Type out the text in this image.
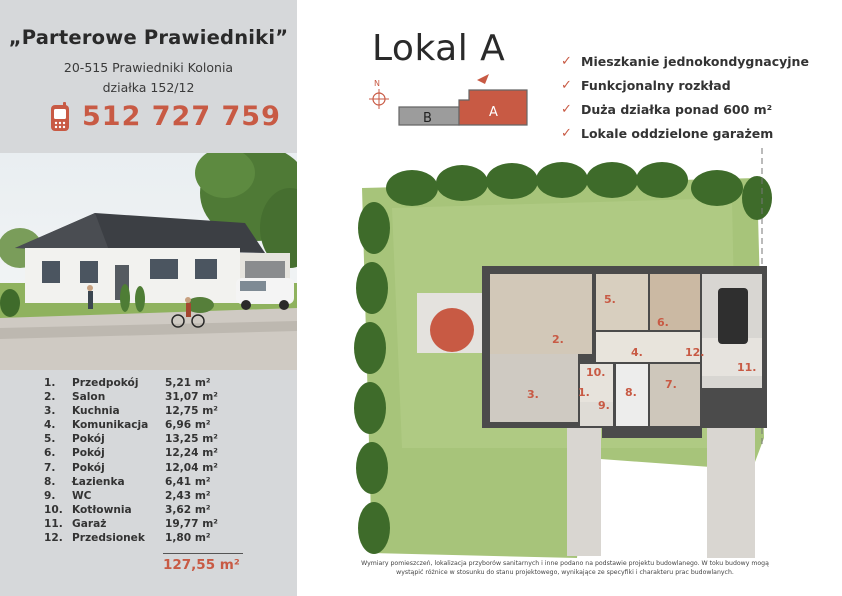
„Parterowe Prawiedniki”
20-515 Prawiedniki Kolonia
działka 152/12
512 727 759
1.	Przedpokój	5,21 m²
2.	Salon	31,07 m²
3.	Kuchnia	12,75 m²
4.	Komunikacja	6,96 m²
5.	Pokój	13,25 m²
6.	Pokój	12,24 m²
7.	Pokój	12,04 m²
8.	Łazienka	6,41 m²
9.	WC	2,43 m²
10. Kotłownia	3,62 m²
11. Garaż	19,77 m²
12. Przedsionek	1,80 m²
127,55 m²
Lokal A
N
B	A
✓ Mieszkanie jednokondygnacyjne
✓ Funkcjonalny rozkład
✓ Duża działka ponad 600 m²
✓ Lokale oddzielone garażem
1.
2.
3.
4.
5.
6.
7.
8.
9.
10.	11.
12.
Wymiary pomieszczeń, lokalizacja przyborów sanitarnych i inne podano na podstawie projektu budowlanego. W toku budowy mogą
wystąpić różnice w stosunku do stanu projektowego, wynikające ze specyfiki i charakteru prac budowlanych.
